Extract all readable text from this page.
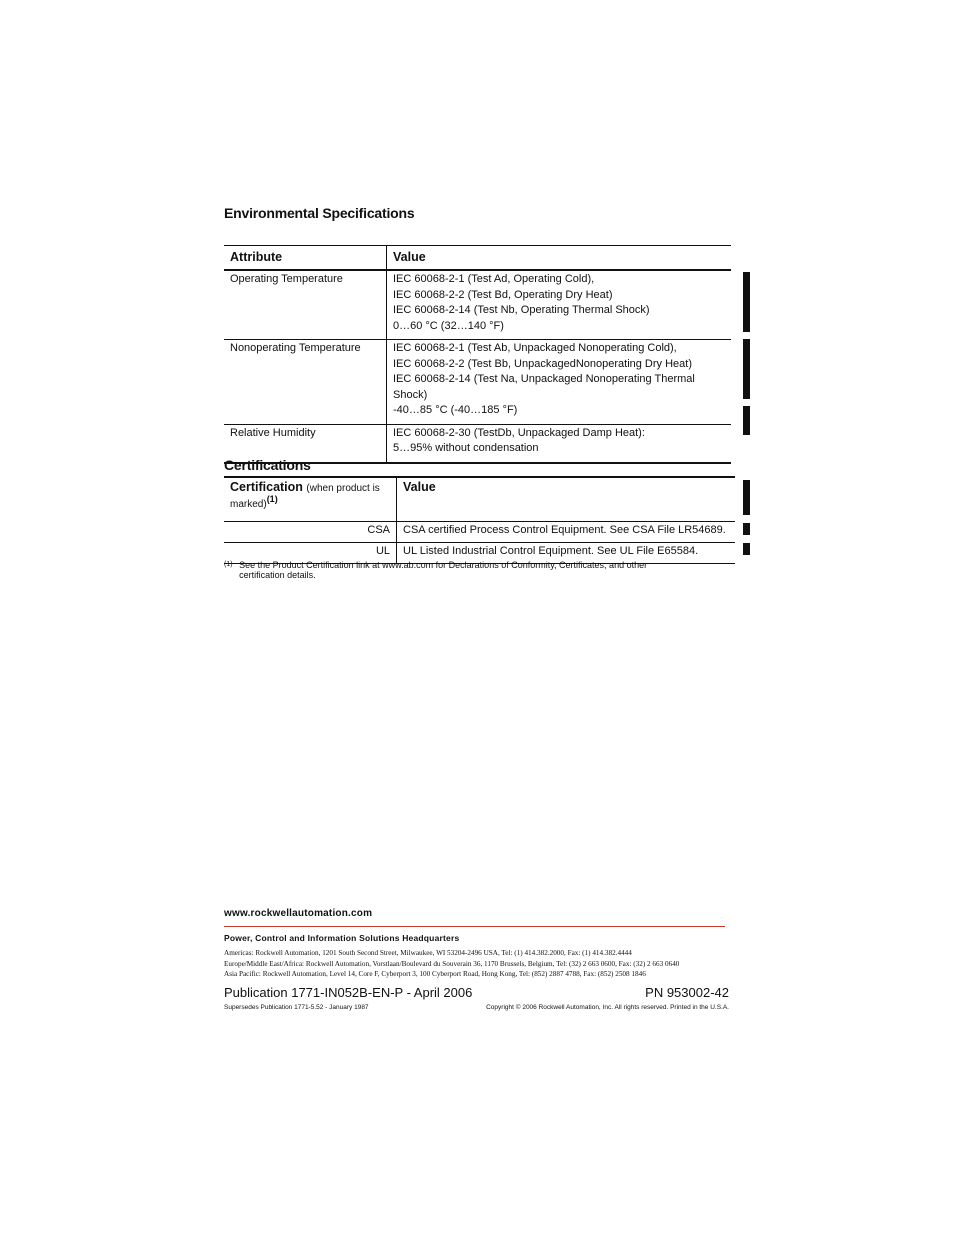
Environmental Specifications
Attribute	Value
Operating Temperature	IEC 60068-2-1 (Test Ad, Operating Cold),
IEC 60068-2-2 (Test Bd, Operating Dry Heat)
IEC 60068-2-14 (Test Nb, Operating Thermal Shock)
0…60 °C (32…140 °F)

Nonoperating Temperature	IEC 60068-2-1 (Test Ab, Unpackaged Nonoperating Cold),
IEC 60068-2-2 (Test Bb, UnpackagedNonoperating Dry Heat)
IEC 60068-2-14 (Test Na, Unpackaged Nonoperating Thermal Shock)
-40…85 °C (-40…185 °F)

Relative Humidity	IEC 60068-2-30 (TestDb, Unpackaged Damp Heat):
5…95% without condensation
Certifications
Certification (when product is marked)$^{(1)}$	Value
CSA	CSA certified Process Control Equipment. See CSA File LR54689.
UL	UL Listed Industrial Control Equipment. See UL File E65584.
$^{(1)}$ See the Product Certification link at www.ab.com for Declarations of Conformity, Certificates, and other certification details.
www.rockwellautomation.com
Power, Control and Information Solutions Headquarters
Americas: Rockwell Automation, 1201 South Second Street, Milwaukee, WI 53204-2496 USA, Tel: (1) 414.382.2000, Fax: (1) 414.382.4444
Europe/Middle East/Africa: Rockwell Automation, Vorstlaan/Boulevard du Souverain 36, 1170 Brussels, Belgium, Tel: (32) 2 663 0600, Fax: (32) 2 663 0640
Asia Pacific: Rockwell Automation, Level 14, Core F, Cyberport 3, 100 Cyberport Road, Hong Kong, Tel: (852) 2887 4788, Fax: (852) 2508 1846
Publication 1771-IN052B-EN-P - April 2006	PN 953002-42
Supersedes Publication 1771-5.52 - January 1987	Copyright © 2006 Rockwell Automation, Inc. All rights reserved. Printed in the U.S.A.
